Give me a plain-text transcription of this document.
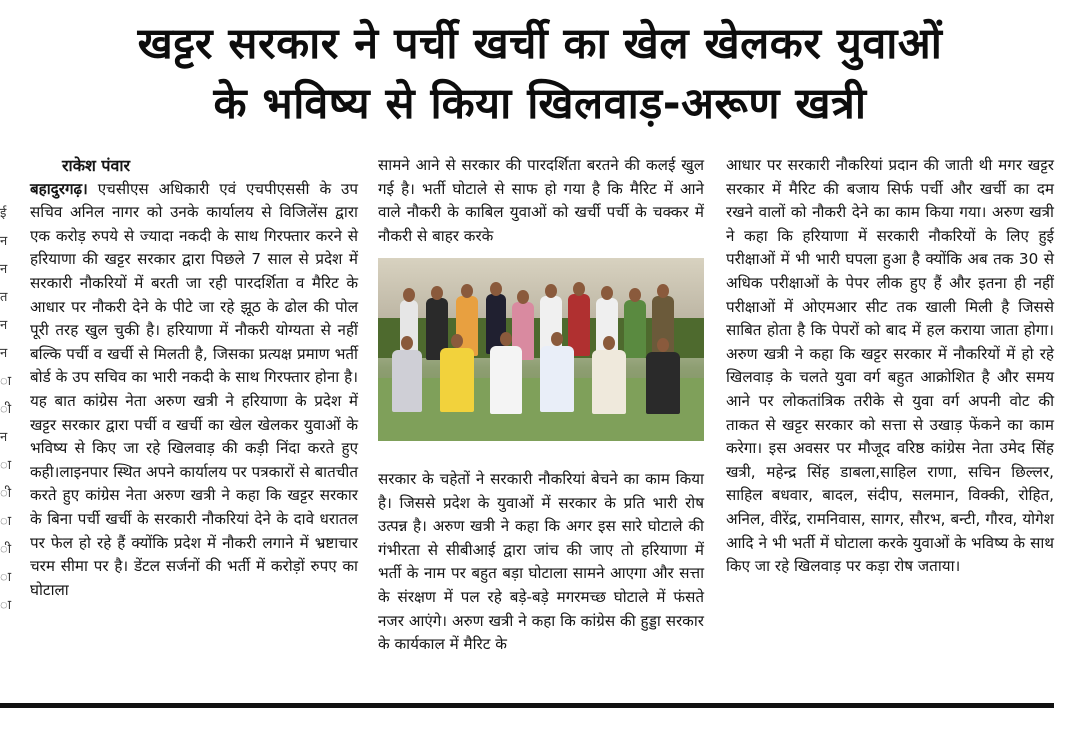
खट्टर सरकार ने पर्ची खर्ची का खेल खेलकर युवाओं
के भविष्य से किया खिलवाड़-अरूण खत्री
ई
न
न
त
न
न
ा
ी
न
ा
ी
ा
ी
ा
ा

राकेश पंवार

बहादुरगढ़। एचसीएस अधिकारी एवं एचपीएससी के उप सचिव अनिल नागर को उनके कार्यालय से विजिलेंस द्वारा एक करोड़ रुपये से ज्यादा नकदी के साथ गिरफ्तार करने से हरियाणा की खट्टर सरकार द्वारा पिछले 7 साल से प्रदेश में सरकारी नौकरियों में बरती जा रही पारदर्शिता व मैरिट के आधार पर नौकरी देने के पीटे जा रहे झूठ के ढोल की पोल पूरी तरह खुल चुकी है। हरियाणा में नौकरी योग्यता से नहीं बल्कि पर्ची व खर्ची से मिलती है, जिसका प्रत्यक्ष प्रमाण भर्ती बोर्ड के उप सचिव का भारी नकदी के साथ गिरफ्तार होना है। यह बात कांग्रेस नेता अरुण खत्री ने हरियाणा के प्रदेश में खट्टर सरकार द्वारा पर्ची व खर्ची का खेल खेलकर युवाओं के भविष्य से किए जा रहे खिलवाड़ की कड़ी निंदा करते हुए कही।लाइनपार स्थित अपने कार्यालय पर पत्रकारों से बातचीत करते हुए कांग्रेस नेता अरुण खत्री ने कहा कि खट्टर सरकार के बिना पर्ची खर्ची के सरकारी नौकरियां देने के दावे धरातल पर फेल हो रहे हैं क्योंकि प्रदेश में नौकरी लगाने में भ्रष्टाचार चरम सीमा पर है। डेंटल सर्जनों की भर्ती में करोड़ों रुपए का घोटाला

सामने आने से सरकार की पारदर्शिता बरतने की कलई खुल गई है। भर्ती घोटाले से साफ हो गया है कि मैरिट में आने वाले नौकरी के काबिल युवाओं को खर्ची पर्ची के चक्कर में नौकरी से बाहर करके

सरकार के चहेतों ने सरकारी नौकरियां बेचने का काम किया है। जिससे प्रदेश के युवाओं में सरकार के प्रति भारी रोष उत्पन्न है। अरुण खत्री ने कहा कि अगर इस सारे घोटाले की गंभीरता से सीबीआई द्वारा जांच की जाए तो हरियाणा में भर्ती के नाम पर बहुत बड़ा घोटाला सामने आएगा और सत्ता के संरक्षण में पल रहे बड़े-बड़े मगरमच्छ घोटाले में फंसते नजर आएंगे। अरुण खत्री ने कहा कि कांग्रेस की हुड्डा सरकार के कार्यकाल में मैरिट के

आधार पर सरकारी नौकरियां प्रदान की जाती थी मगर खट्टर सरकार में मैरिट की बजाय सिर्फ पर्ची और खर्ची का दम रखने वालों को नौकरी देने का काम किया गया। अरुण खत्री ने कहा कि हरियाणा में सरकारी नौकरियों के लिए हुई परीक्षाओं में भी भारी घपला हुआ है क्योंकि अब तक 30 से अधिक परीक्षाओं के पेपर लीक हुए हैं और इतना ही नहीं परीक्षाओं में ओएमआर सीट तक खाली मिली है जिससे साबित होता है कि पेपरों को बाद में हल कराया जाता होगा। अरुण खत्री ने कहा कि खट्टर सरकार में नौकरियों में हो रहे खिलवाड़ के चलते युवा वर्ग बहुत आक्रोशित है और समय आने पर लोकतांत्रिक तरीके से युवा वर्ग अपनी वोट की ताकत से खट्टर सरकार को सत्ता से उखाड़ फेंकने का काम करेगा। इस अवसर पर मौजूद वरिष्ठ कांग्रेस नेता उमेद सिंह खत्री, महेन्द्र सिंह डाबला,साहिल राणा, सचिन छिल्लर, साहिल बधवार, बादल, संदीप, सलमान, विक्की, रोहित, अनिल, वीरेंद्र, रामनिवास, सागर, सौरभ, बन्टी, गौरव, योगेश आदि ने भी भर्ती में घोटाला करके युवाओं के भविष्य के साथ किए जा रहे खिलवाड़ पर कड़ा रोष जताया।
